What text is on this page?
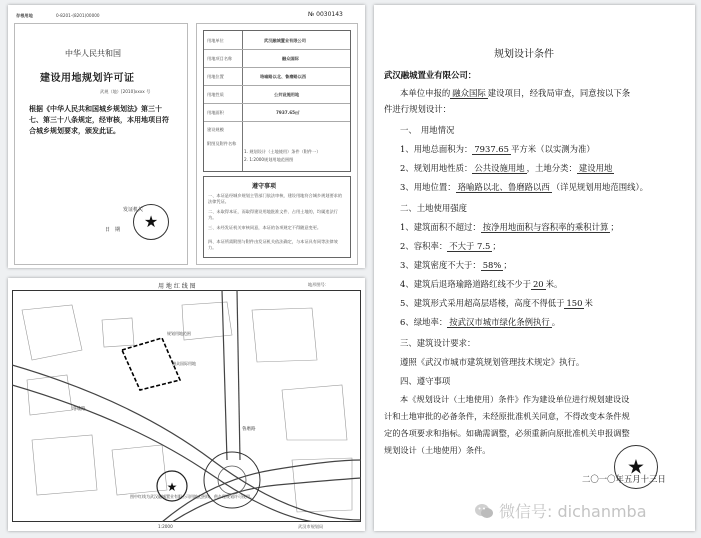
存根用地	0-8201-(8201)00000	№ 0030143
中华人民共和国
建设用地规划许可证
武规（地）[2010]xxxx 号
根据《中华人民共和国城乡规划法》第三十七、第三十八条规定，经审核，本用地项目符合城乡规划要求，颁发此证。
发证机关
日　期 ★
用地单位	武汉融城置业有限公司
用地项目名称	融众国际
用地位置	珞喻路以北、鲁磨路以西
用地性质	公共设施用地
用地面积	7937.65㎡
建设规模
附图及附件名称
1. 规划设计（土地使用）条件（附件一）
2. 1:2000规划用地范围图
遵守事项
一、本证是经城乡规划主管部门依法审核，建设用地符合城乡规划要求的法律凭证。
二、未取得本证，而取得建设用地批准文件、占用土地的，均属违法行为。
三、未经发证机关审核同意，本证的各项规定不得随意变更。
四、本证所需附图与附件由发证机关依法确定，与本证具有同等法律效力。
用 地 红 线 图	地形图号：
规划用地范围
融众国际用地
珞喻路
鲁磨路
图中红线为武汉融城置业有限公司用地范围线，供办理规划许可使用。
★
1:2000	武汉市规划局
规划设计条件
武汉融城置业有限公司：
本单位申报的 融众国际 建设项目，经我局审查，同意按以下条
件进行规划设计：
一、　用地情况
1、用地总面积为： 7937.65 平方米（以实测为准）
2、规划用地性质： 公共设施用地 ，土地分类： 建设用地
3、用地位置： 珞喻路以北、鲁磨路以西 （详见规划用地范围线）。
二、土地使用强度
1、建筑面积不超过： 按净用地面积与容积率的乘积计算 ；
2、容积率： 不大于 7.5 ；
3、建筑密度不大于： 58% ；
4、建筑后退珞瑜路道路红线不少于 20 米。
5、建筑形式采用超高层塔楼，高度不得低于 150 米
6、绿地率： 按武汉市城市绿化条例执行 。
三、建筑设计要求：
遵照《武汉市城市建筑规划管理技术规定》执行。
四、遵守事项
本《规划设计（土地使用）条件》作为建设单位进行规划建设设
计和土地审批的必备条件，未经原批准机关同意，不得改变本条件规
定的各项要求和指标。如确需调整，必须重新向原批准机关申报调整
规划设计（土地使用）条件。
★
二〇一〇年五月十三日
微信号: dichanmba
